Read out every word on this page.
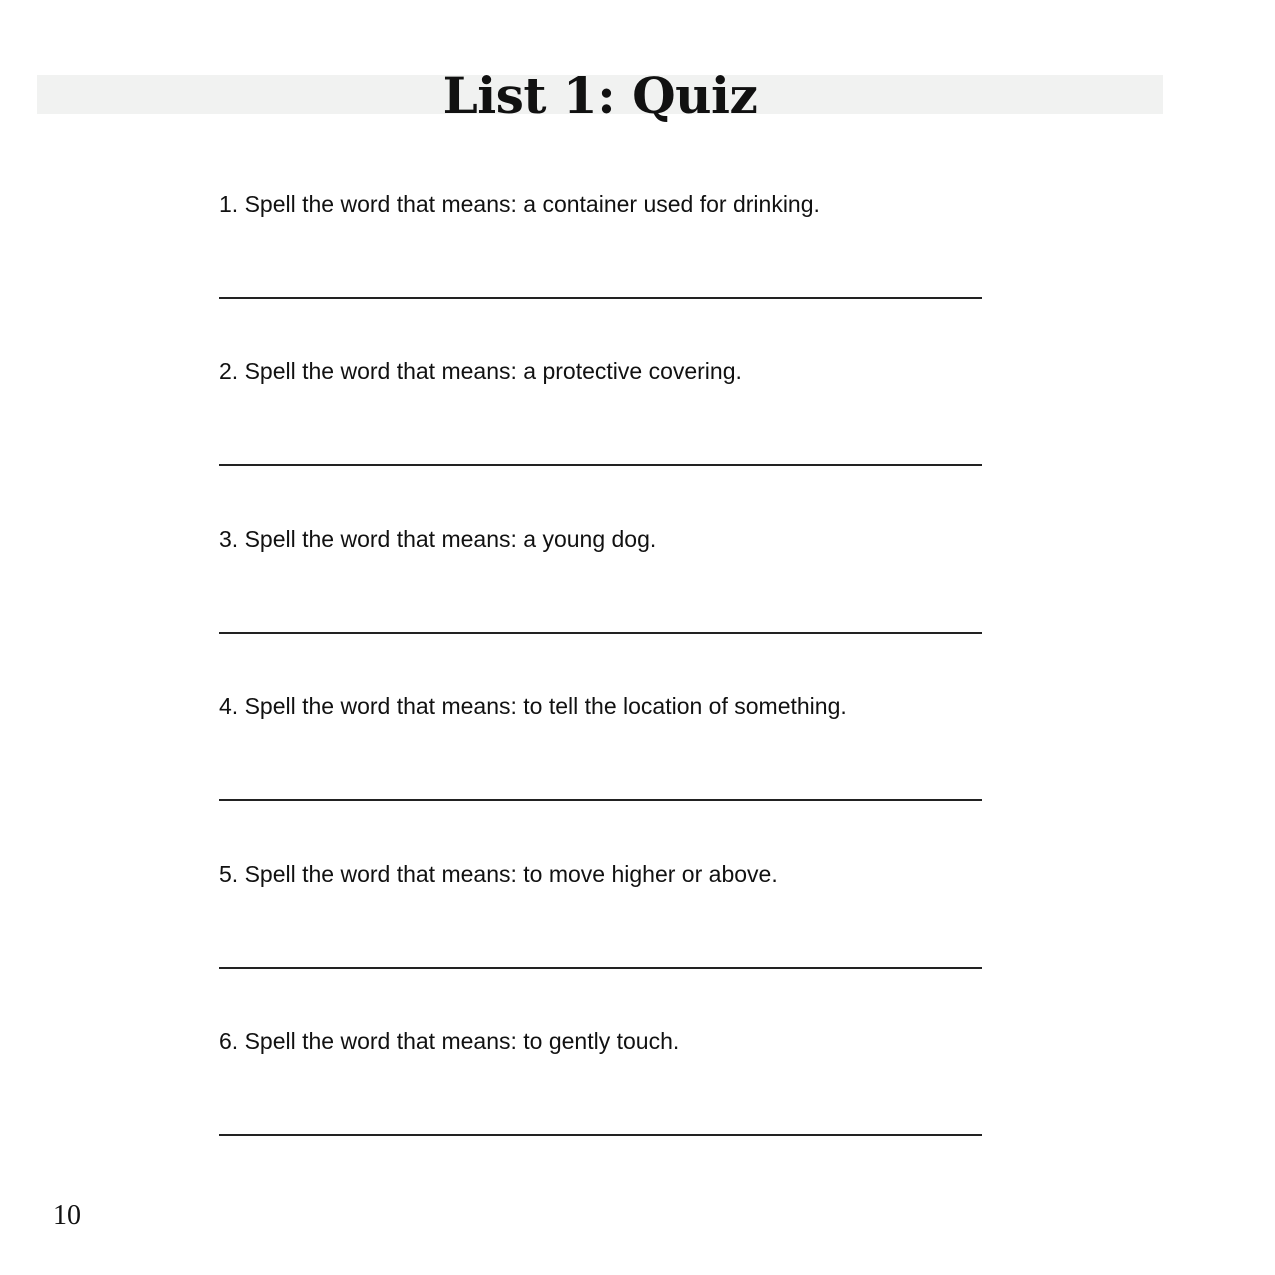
List 1: Quiz
1. Spell the word that means: a container used for drinking.
2. Spell the word that means: a protective covering.
3. Spell the word that means: a young dog.
4. Spell the word that means: to tell the location of something.
5. Spell the word that means: to move higher or above.
6. Spell the word that means: to gently touch.
10
